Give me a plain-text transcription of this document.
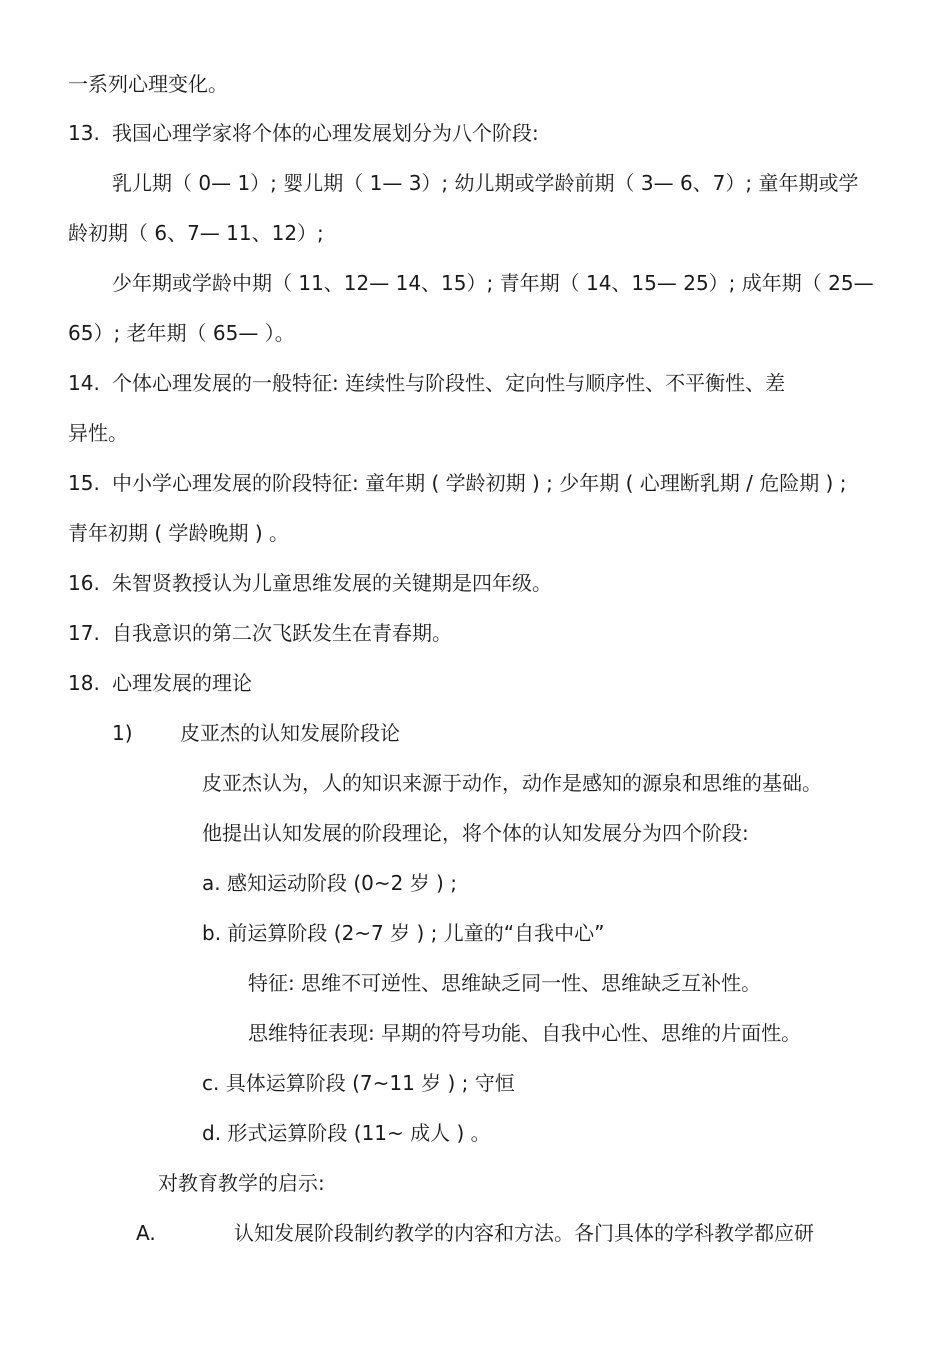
一系列心理变化。
13. 我国心理学家将个体的心理发展划分为八个阶段:
乳儿期（ 0— 1）; 婴儿期（ 1— 3）; 幼儿期或学龄前期（ 3— 6、7）; 童年期或学
龄初期（ 6、7— 11、12）;
少年期或学龄中期（ 11、12— 14、15）; 青年期（ 14、15— 25）; 成年期（ 25—
65）; 老年期（ 65— ）。
14. 个体心理发展的一般特征: 连续性与阶段性、定向性与顺序性、不平衡性、差
异性。
15. 中小学心理发展的阶段特征: 童年期 ( 学龄初期 ) ; 少年期 ( 心理断乳期 / 危险期 ) ;
青年初期 ( 学龄晚期 ) 。
16. 朱智贤教授认为儿童思维发展的关键期是四年级。
17. 自我意识的第二次飞跃发生在青春期。
18. 心理发展的理论
1) 皮亚杰的认知发展阶段论
皮亚杰认为，人的知识来源于动作，动作是感知的源泉和思维的基础。
他提出认知发展的阶段理论，将个体的认知发展分为四个阶段:
a. 感知运动阶段 (0~2 岁 ) ;
b. 前运算阶段 (2~7 岁 ) ; 儿童的“自我中心”
特征: 思维不可逆性、思维缺乏同一性、思维缺乏互补性。
思维特征表现: 早期的符号功能、自我中心性、思维的片面性。
c. 具体运算阶段 (7~11 岁 ) ; 守恒
d. 形式运算阶段 (11~ 成人 ) 。
对教育教学的启示:
A.	认知发展阶段制约教学的内容和方法。各门具体的学科教学都应研
